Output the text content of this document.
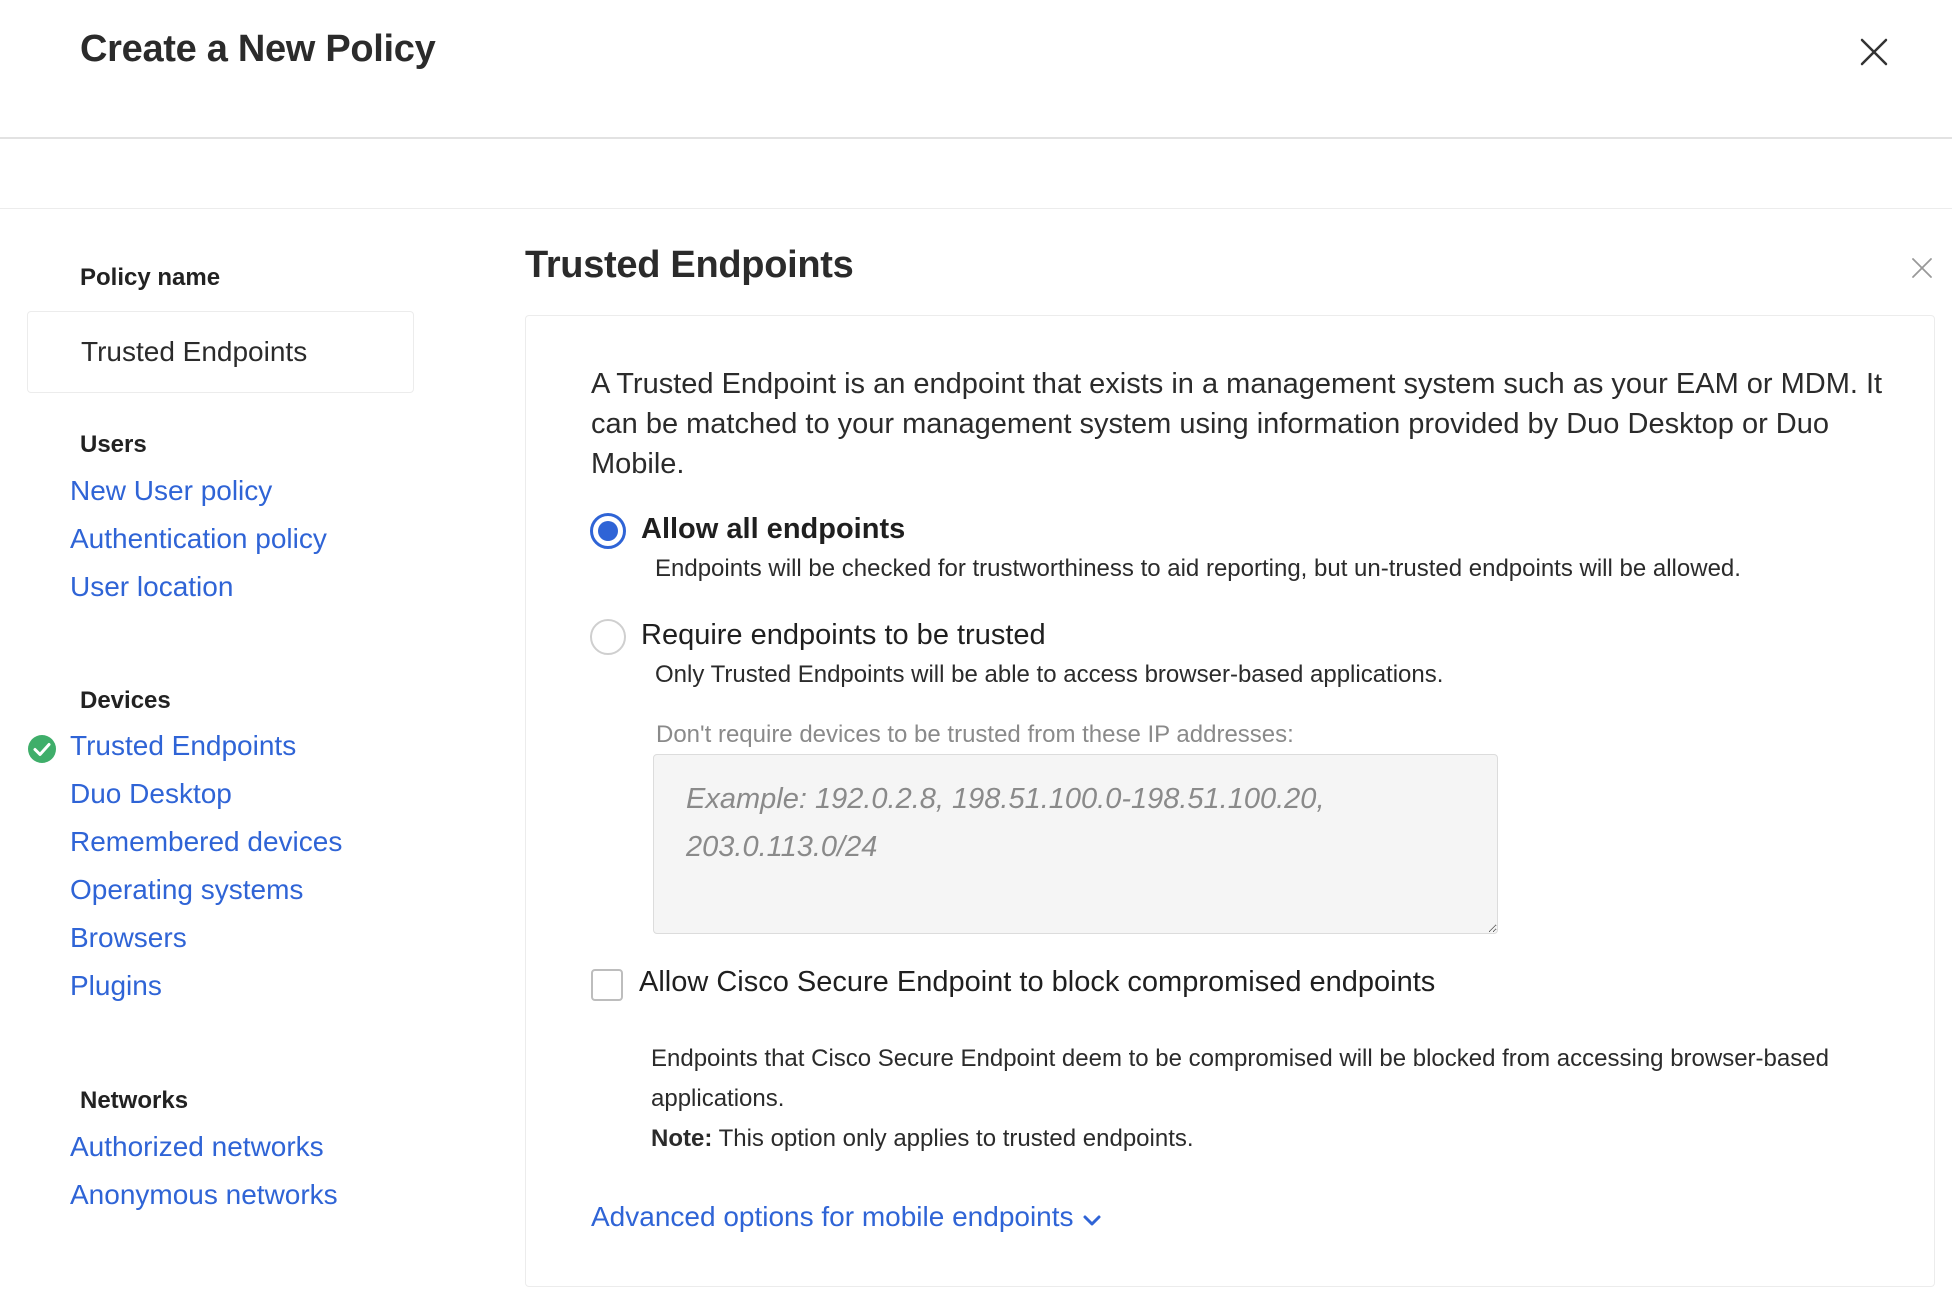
Create a New Policy
Policy name
Trusted Endpoints
Users
New User policy
Authentication policy
User location
Devices
Trusted Endpoints
Duo Desktop
Remembered devices
Operating systems
Browsers
Plugins
Networks
Authorized networks
Anonymous networks
Trusted Endpoints
A Trusted Endpoint is an endpoint that exists in a management system such as your EAM or MDM. It can be matched to your management system using information provided by Duo Desktop or Duo Mobile.
Allow all endpoints
Endpoints will be checked for trustworthiness to aid reporting, but un-trusted endpoints will be allowed.
Require endpoints to be trusted
Only Trusted Endpoints will be able to access browser-based applications.
Don't require devices to be trusted from these IP addresses:
Example: 192.0.2.8, 198.51.100.0-198.51.100.20, 203.0.113.0/24
Allow Cisco Secure Endpoint to block compromised endpoints
Endpoints that Cisco Secure Endpoint deem to be compromised will be blocked from accessing browser-based applications.
Note: This option only applies to trusted endpoints.
Advanced options for mobile endpoints
